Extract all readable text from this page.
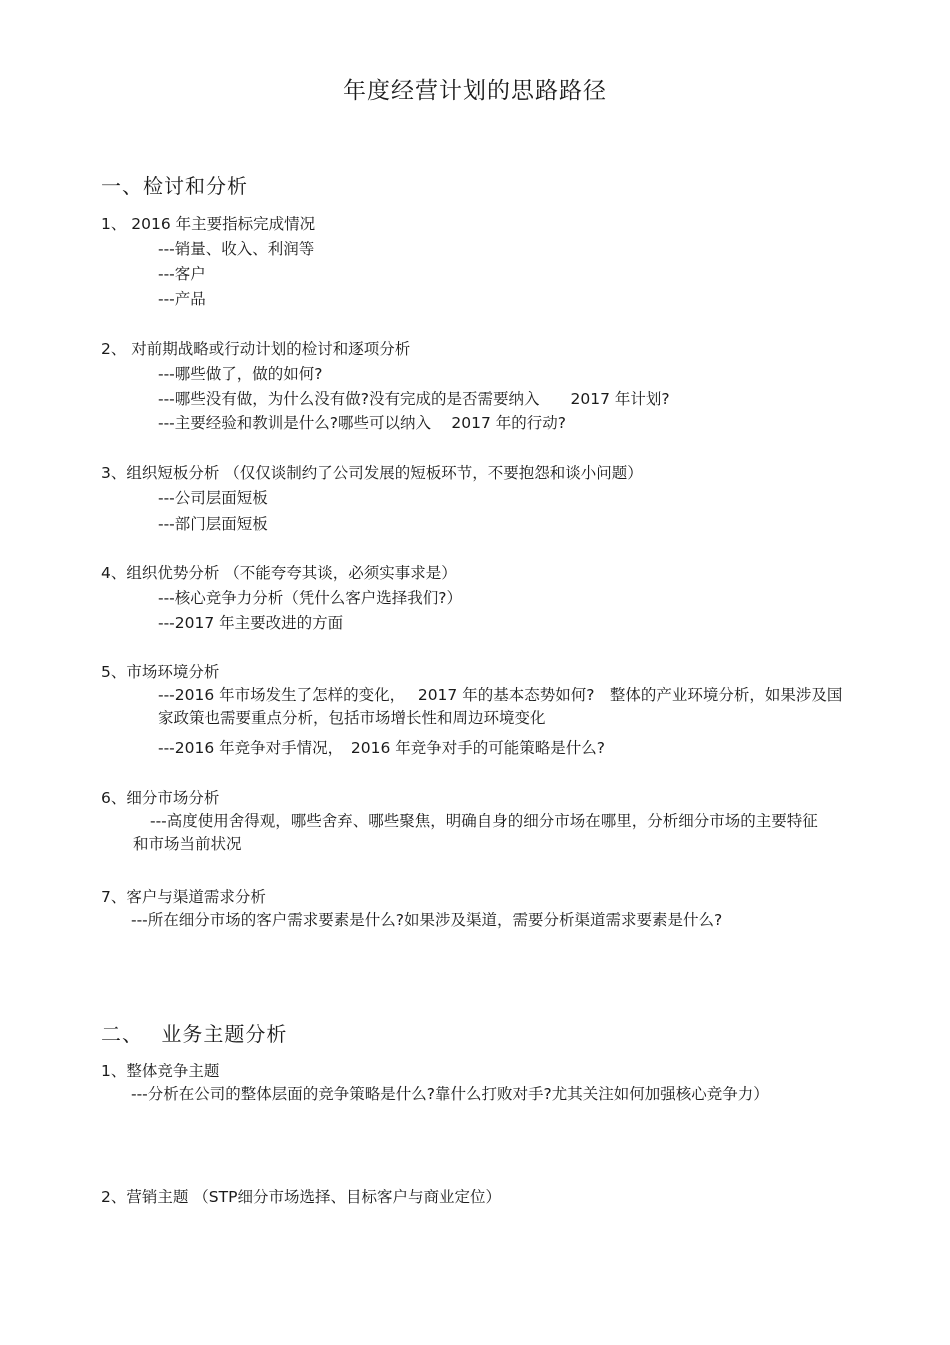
年度经营计划的思路路径
一、检讨和分析
1、 2016 年主要指标完成情况
---销量、收入、利润等
---客户
---产品
2、 对前期战略或行动计划的检讨和逐项分析
---哪些做了，做的如何?
---哪些没有做，为什么没有做?没有完成的是否需要纳入　　2017 年计划?
---主要经验和教训是什么?哪些可以纳入　 2017 年的行动?
3、组织短板分析 （仅仅谈制约了公司发展的短板环节，不要抱怨和谈小问题）
---公司层面短板
---部门层面短板
4、组织优势分析 （不能夸夸其谈，必须实事求是）
---核心竞争力分析（凭什么客户选择我们?）
---2017 年主要改进的方面
5、市场环境分析
---2016 年市场发生了怎样的变化，　 2017 年的基本态势如何?　整体的产业环境分析，如果涉及国家政策也需要重点分析，包括市场增长性和周边环境变化
---2016 年竞争对手情况，　2016 年竞争对手的可能策略是什么?
6、细分市场分析
---高度使用舍得观，哪些舍弃、哪些聚焦，明确自身的细分市场在哪里，分析细分市场的主要特征和市场当前状况
7、客户与渠道需求分析
---所在细分市场的客户需求要素是什么?如果涉及渠道，需要分析渠道需求要素是什么?
二、　 业务主题分析
1、整体竞争主题
---分析在公司的整体层面的竞争策略是什么?靠什么打败对手?尤其关注如何加强核心竞争力）
2、营销主题 （STP细分市场选择、目标客户与商业定位）
